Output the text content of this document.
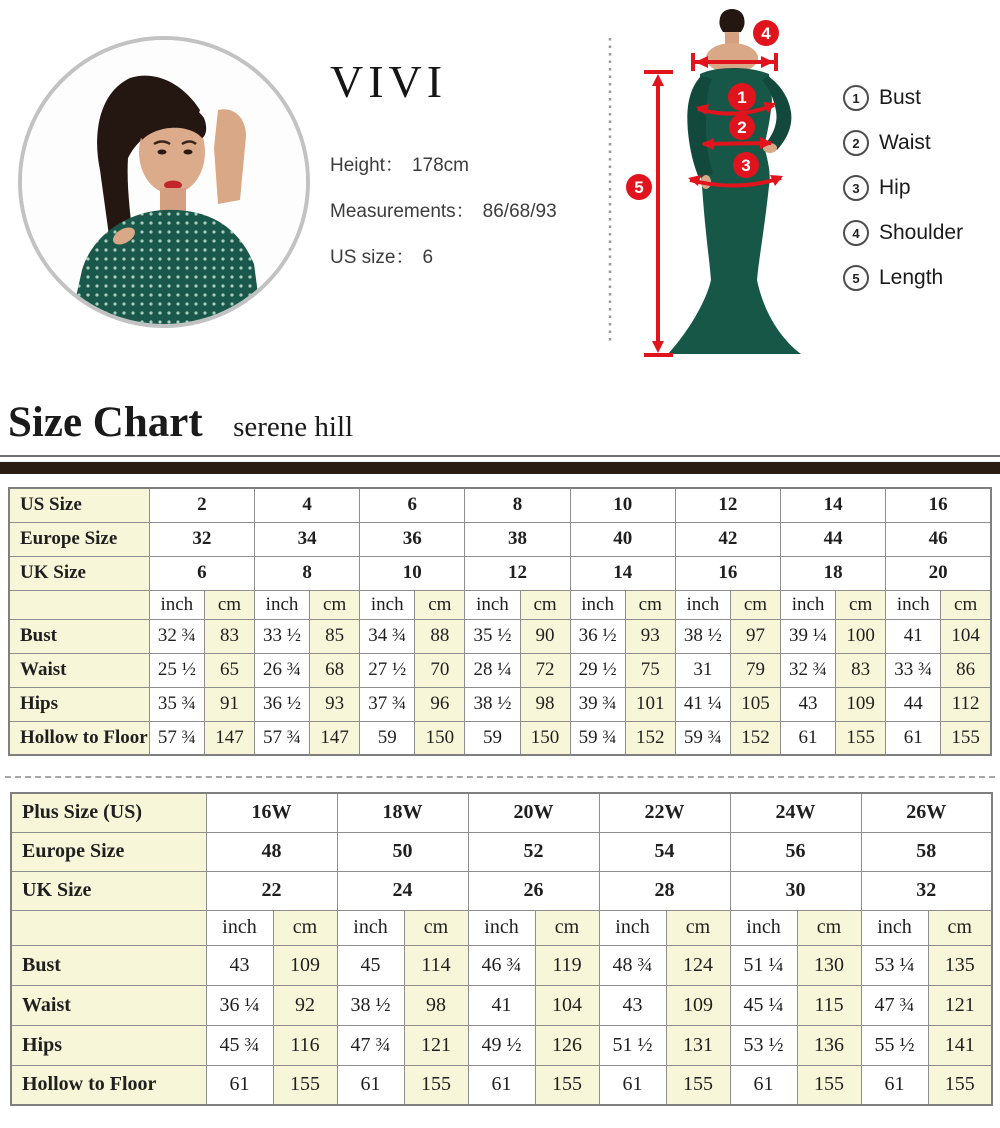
VIVI
Height： 178cm
Measurements： 86/68/93
US size： 6
1
2
3
4
5
1 Bust
2 Waist
3 Hip
4 Shoulder
5 Length
Size Chart serene hill
US Size	2		4		6		8		10		12		14		16	
Europe Size	32		34		36		38		40		42		44		46	
UK Size	6		8		10		12		14		16		18		20	
	inch	cm	inch	cm	inch	cm	inch	cm	inch	cm	inch	cm	inch	cm	inch	cm
Bust	32 ¾	83	33 ½	85	34 ¾	88	35 ½	90	36 ½	93	38 ½	97	39 ¼	100	41	104
Waist	25 ½	65	26 ¾	68	27 ½	70	28 ¼	72	29 ½	75	31	79	32 ¾	83	33 ¾	86
Hips	35 ¾	91	36 ½	93	37 ¾	96	38 ½	98	39 ¾	101	41 ¼	105	43	109	44	112
Hollow to Floor	57 ¾	147	57 ¾	147	59	150	59	150	59 ¾	152	59 ¾	152	61	155	61	155
Plus Size (US)	16W		18W		20W		22W		24W		26W	
Europe Size	48		50		52		54		56		58	
UK Size	22		24		26		28		30		32	
	inch	cm	inch	cm	inch	cm	inch	cm	inch	cm	inch	cm
Bust	43	109	45	114	46 ¾	119	48 ¾	124	51 ¼	130	53 ¼	135
Waist	36 ¼	92	38 ½	98	41	104	43	109	45 ¼	115	47 ¾	121
Hips	45 ¾	116	47 ¾	121	49 ½	126	51 ½	131	53 ½	136	55 ½	141
Hollow to Floor	61	155	61	155	61	155	61	155	61	155	61	155
